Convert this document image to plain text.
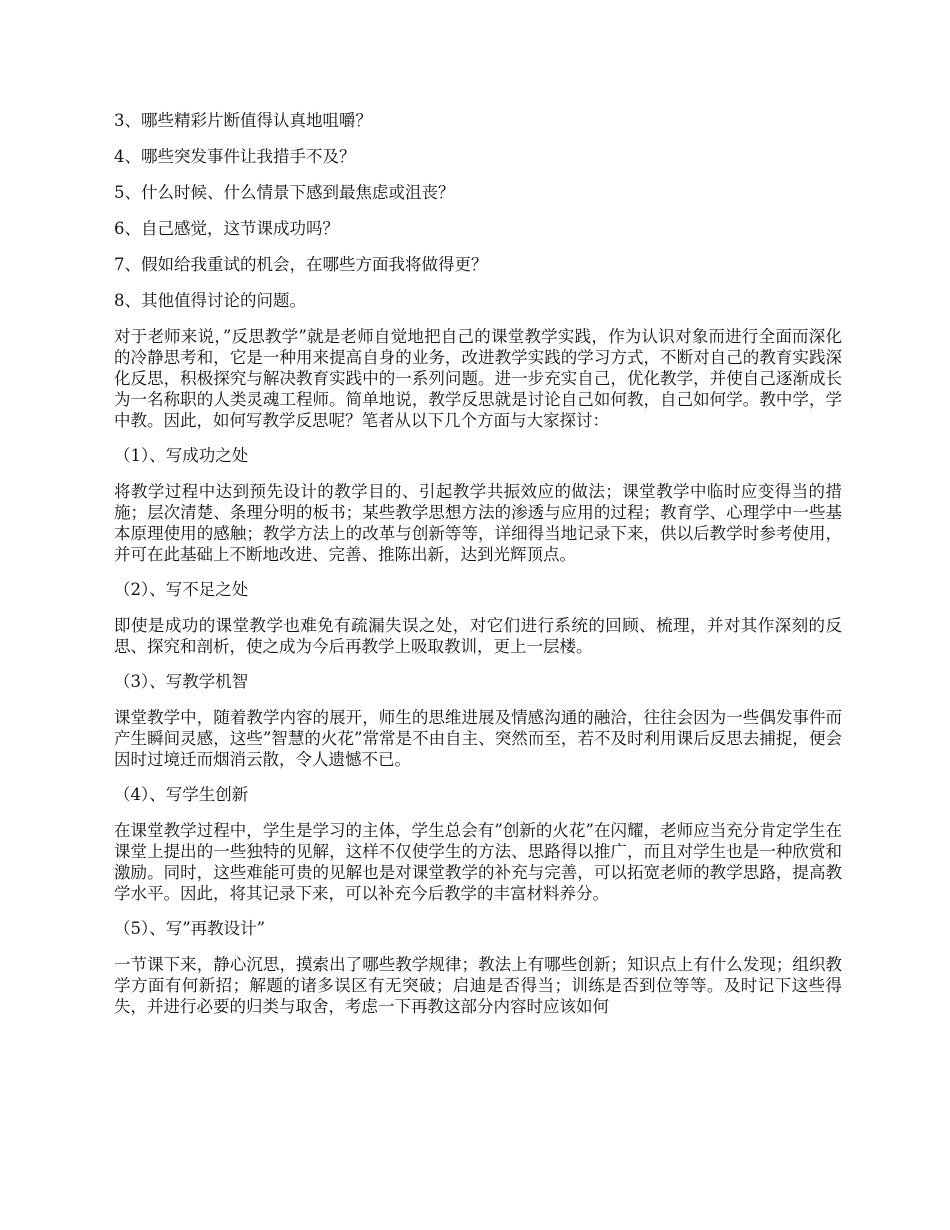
3、哪些精彩片断值得认真地咀嚼？

4、哪些突发事件让我措手不及？

5、什么时候、什么情景下感到最焦虑或沮丧？

6、自己感觉，这节课成功吗？

7、假如给我重试的机会，在哪些方面我将做得更？

8、其他值得讨论的问题。

对于老师来说，”反思教学”就是老师自觉地把自己的课堂教学实践，作为认识对象而进行全面而深化的冷静思考和，它是一种用来提高自身的业务，改进教学实践的学习方式，不断对自己的教育实践深化反思，积极探究与解决教育实践中的一系列问题。进一步充实自己，优化教学，并使自己逐渐成长为一名称职的人类灵魂工程师。简单地说，教学反思就是讨论自己如何教，自己如何学。教中学，学中教。因此，如何写教学反思呢？笔者从以下几个方面与大家探讨：

（1）、写成功之处

将教学过程中达到预先设计的教学目的、引起教学共振效应的做法；课堂教学中临时应变得当的措施；层次清楚、条理分明的板书；某些教学思想方法的渗透与应用的过程；教育学、心理学中一些基本原理使用的感触；教学方法上的改革与创新等等，详细得当地记录下来，供以后教学时参考使用，并可在此基础上不断地改进、完善、推陈出新，达到光辉顶点。

（2）、写不足之处

即使是成功的课堂教学也难免有疏漏失误之处，对它们进行系统的回顾、梳理，并对其作深刻的反思、探究和剖析，使之成为今后再教学上吸取教训，更上一层楼。

（3）、写教学机智

课堂教学中，随着教学内容的展开，师生的思维进展及情感沟通的融洽，往往会因为一些偶发事件而产生瞬间灵感，这些”智慧的火花”常常是不由自主、突然而至，若不及时利用课后反思去捕捉，便会因时过境迁而烟消云散，令人遗憾不已。

（4）、写学生创新

在课堂教学过程中，学生是学习的主体，学生总会有”创新的火花”在闪耀，老师应当充分肯定学生在课堂上提出的一些独特的见解，这样不仅使学生的方法、思路得以推广，而且对学生也是一种欣赏和激励。同时，这些难能可贵的见解也是对课堂教学的补充与完善，可以拓宽老师的教学思路，提高教学水平。因此，将其记录下来，可以补充今后教学的丰富材料养分。

（5）、写”再教设计”

一节课下来，静心沉思，摸索出了哪些教学规律；教法上有哪些创新；知识点上有什么发现；组织教学方面有何新招；解题的诸多误区有无突破；启迪是否得当；训练是否到位等等。及时记下这些得失，并进行必要的归类与取舍，考虑一下再教这部分内容时应该如何
